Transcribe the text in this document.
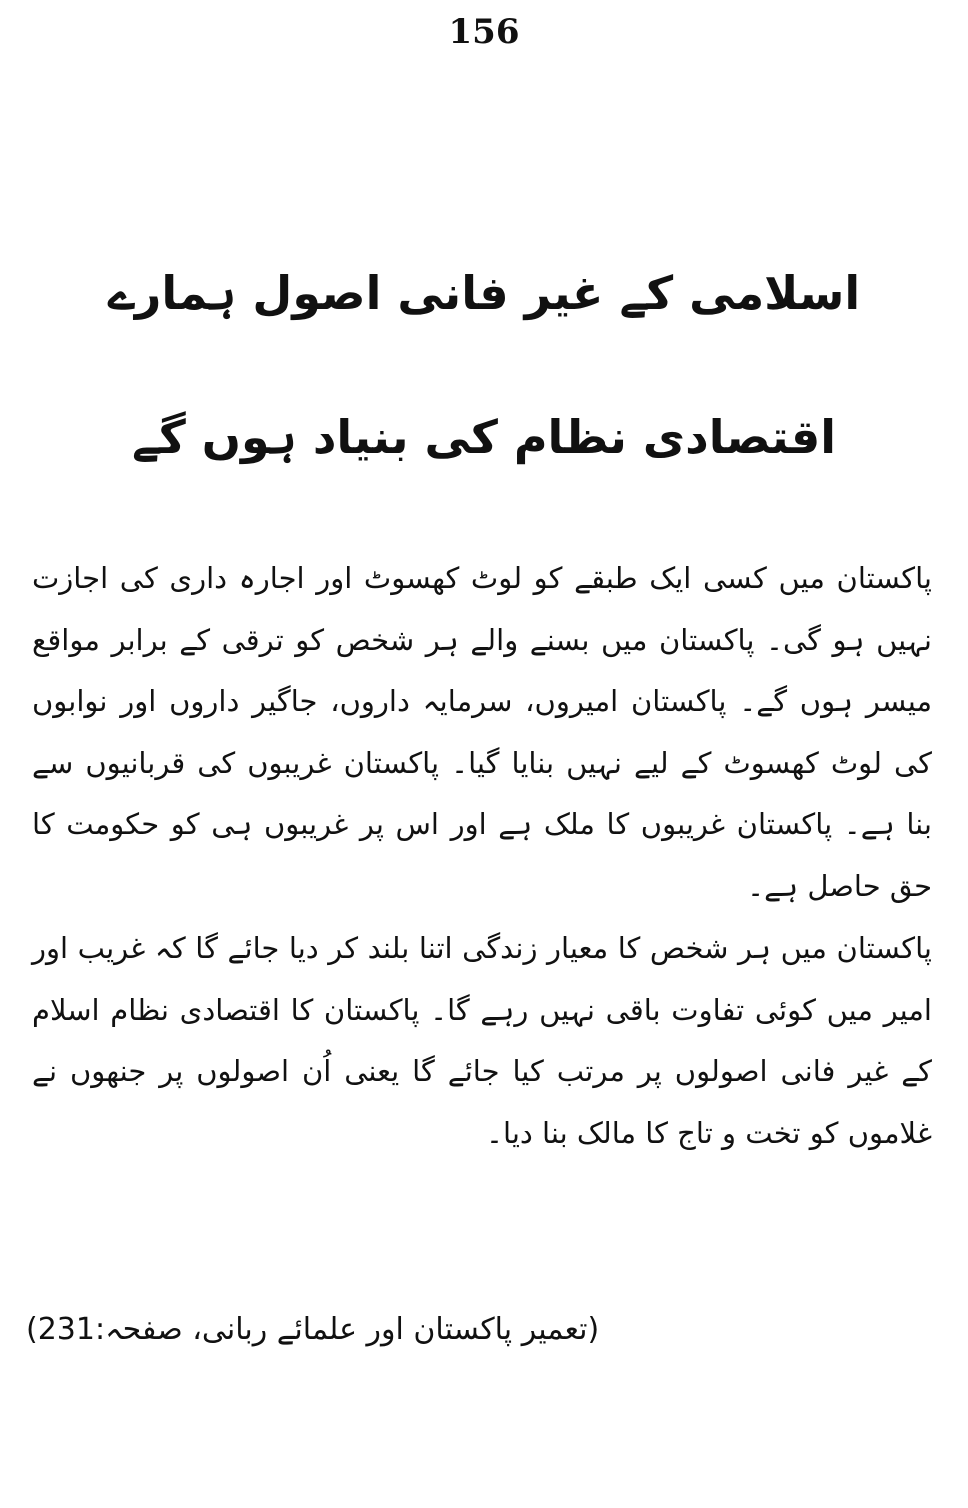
156
اسلامی کے غیر فانی اصول ہمارے
اقتصادی نظام کی بنیاد ہوں گے

پاکستان میں کسی ایک طبقے کو لوٹ کھسوٹ اور اجارہ داری کی اجازت نہیں ہو گی۔ پاکستان میں بسنے والے ہر شخص کو ترقی کے برابر مواقع میسر ہوں گے۔ پاکستان امیروں، سرمایہ داروں، جاگیر داروں اور نوابوں کی لوٹ کھسوٹ کے لیے نہیں بنایا گیا۔ پاکستان غریبوں کی قربانیوں سے بنا ہے۔ پاکستان غریبوں کا ملک ہے اور اس پر غریبوں ہی کو حکومت کا حق حاصل ہے۔

پاکستان میں ہر شخص کا معیار زندگی اتنا بلند کر دیا جائے گا کہ غریب اور امیر میں کوئی تفاوت باقی نہیں رہے گا۔ پاکستان کا اقتصادی نظام اسلام کے غیر فانی اصولوں پر مرتب کیا جائے گا یعنی اُن اصولوں پر جنھوں نے غلاموں کو تخت و تاج کا مالک بنا دیا۔

(تعمیر پاکستان اور علمائے ربانی، صفحہ:231)
